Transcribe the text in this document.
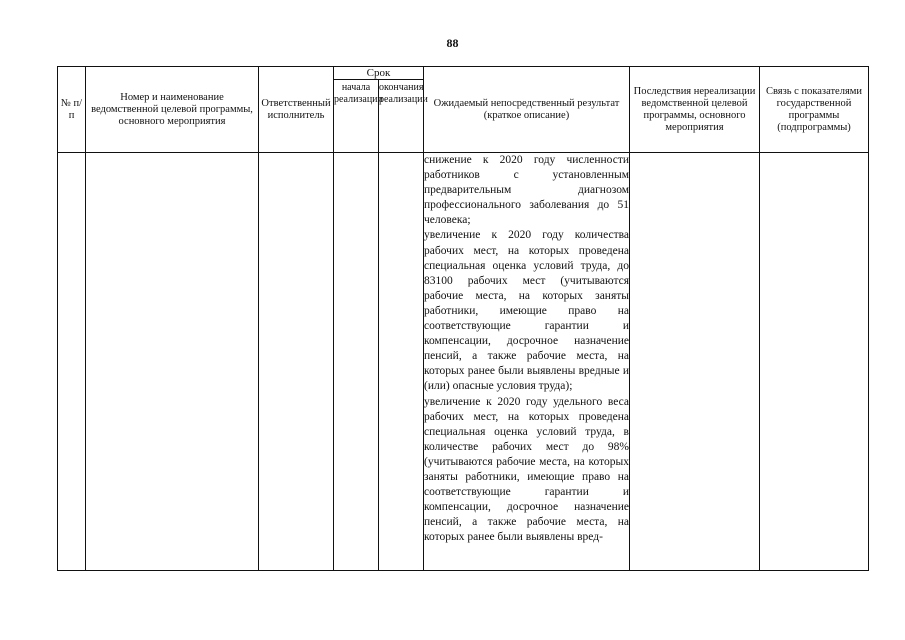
88
№ п/п	Номер и наименование ведомственной целевой программы, основного мероприятия	Ответственный исполнитель	Срок		Ожидаемый непосредственный результат (краткое описание)	Последствия нереализации ведомственной целевой программы, основного мероприятия	Связь с показателями государственной программы (подпрограммы)
			начала реализации	окончания реализации			

					снижение к 2020 году численности работников с установленным предварительным диагнозом профессионального заболевания до 51 человека;

увеличение к 2020 году количества рабочих мест, на которых проведена специальная оценка условий труда, до 83100 рабочих мест (учитываются рабочие места, на которых заняты работники, имеющие право на соответствующие гарантии и компенсации, досрочное назначение пенсий, а также рабочие места, на которых ранее были выявлены вредные и (или) опасные условия труда);

увеличение к 2020 году удельного веса рабочих мест, на которых проведена специальная оценка условий труда, в количестве рабочих мест до 98% (учитываются рабочие места, на которых заняты работники, имеющие право на соответствующие гарантии и компенсации, досрочное назначение пенсий, а также рабочие места, на которых ранее были выявлены вред-		
